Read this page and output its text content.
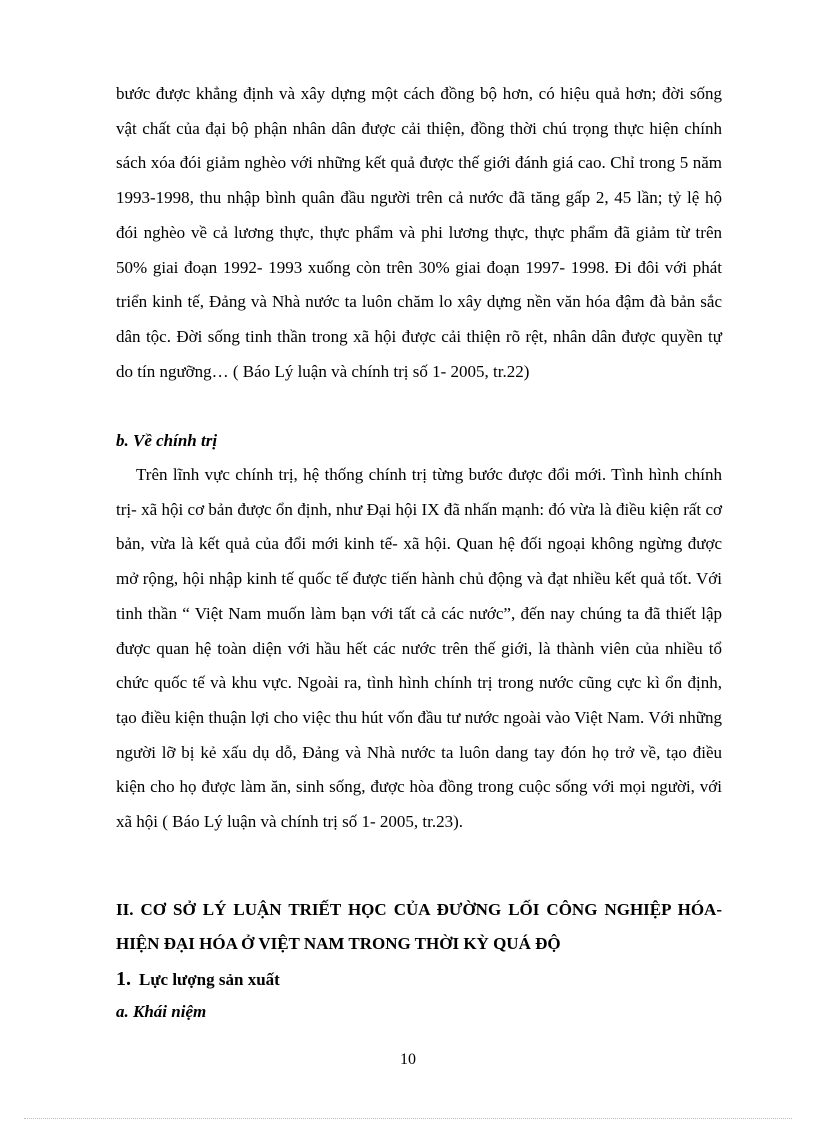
bước được khẳng định và xây dựng một cách đồng bộ hơn, có hiệu quả hơn; đời sống vật chất của đại bộ phận nhân dân được cải thiện, đồng thời chú trọng thực hiện chính sách xóa đói giảm nghèo với những kết quả được thế giới đánh giá cao. Chỉ trong 5 năm 1993-1998, thu nhập bình quân đầu người trên cả nước đã tăng gấp 2, 45 lần; tỷ lệ hộ đói nghèo về cả lương thực, thực phẩm và phi lương thực, thực phẩm đã giảm từ trên 50% giai đoạn 1992- 1993 xuống còn trên 30% giai đoạn 1997- 1998. Đi đôi với phát triển kinh tế, Đảng và Nhà nước ta luôn chăm lo xây dựng nền văn hóa đậm đà bản sắc dân tộc. Đời sống tinh thần trong xã hội được cải thiện rõ rệt, nhân dân được quyền tự do tín ngưỡng… ( Báo Lý luận và chính trị số 1- 2005, tr.22)

b. Về chính trị

Trên lĩnh vực chính trị, hệ thống chính trị từng bước được đổi mới. Tình hình chính trị- xã hội cơ bản được ổn định, như Đại hội IX đã nhấn mạnh: đó vừa là điều kiện rất cơ bản, vừa là kết quả của đổi mới kinh tế- xã hội. Quan hệ đối ngoại không ngừng được mở rộng, hội nhập kinh tế quốc tế được tiến hành chủ động và đạt nhiều kết quả tốt. Với tinh thần “ Việt Nam muốn làm bạn với tất cả các nước”, đến nay chúng ta đã thiết lập được quan hệ toàn diện với hầu hết các nước trên thế giới, là thành viên của nhiều tổ chức quốc tế và khu vực. Ngoài ra, tình hình chính trị trong nước cũng cực kì ổn định, tạo điều kiện thuận lợi cho việc thu hút vốn đầu tư nước ngoài vào Việt Nam. Với những người lỡ bị kẻ xấu dụ dỗ, Đảng và Nhà nước ta luôn dang tay đón họ trở về, tạo điều kiện cho họ được làm ăn, sinh sống, được hòa đồng trong cuộc sống với mọi người, với xã hội ( Báo Lý luận và chính trị số 1- 2005, tr.23).

II. CƠ SỞ LÝ LUẬN TRIẾT HỌC CỦA ĐƯỜNG LỐI CÔNG NGHIỆP HÓA- HIỆN ĐẠI HÓA Ở VIỆT NAM TRONG THỜI KỲ QUÁ ĐỘ

1. Lực lượng sản xuất
a. Khái niệm
10
